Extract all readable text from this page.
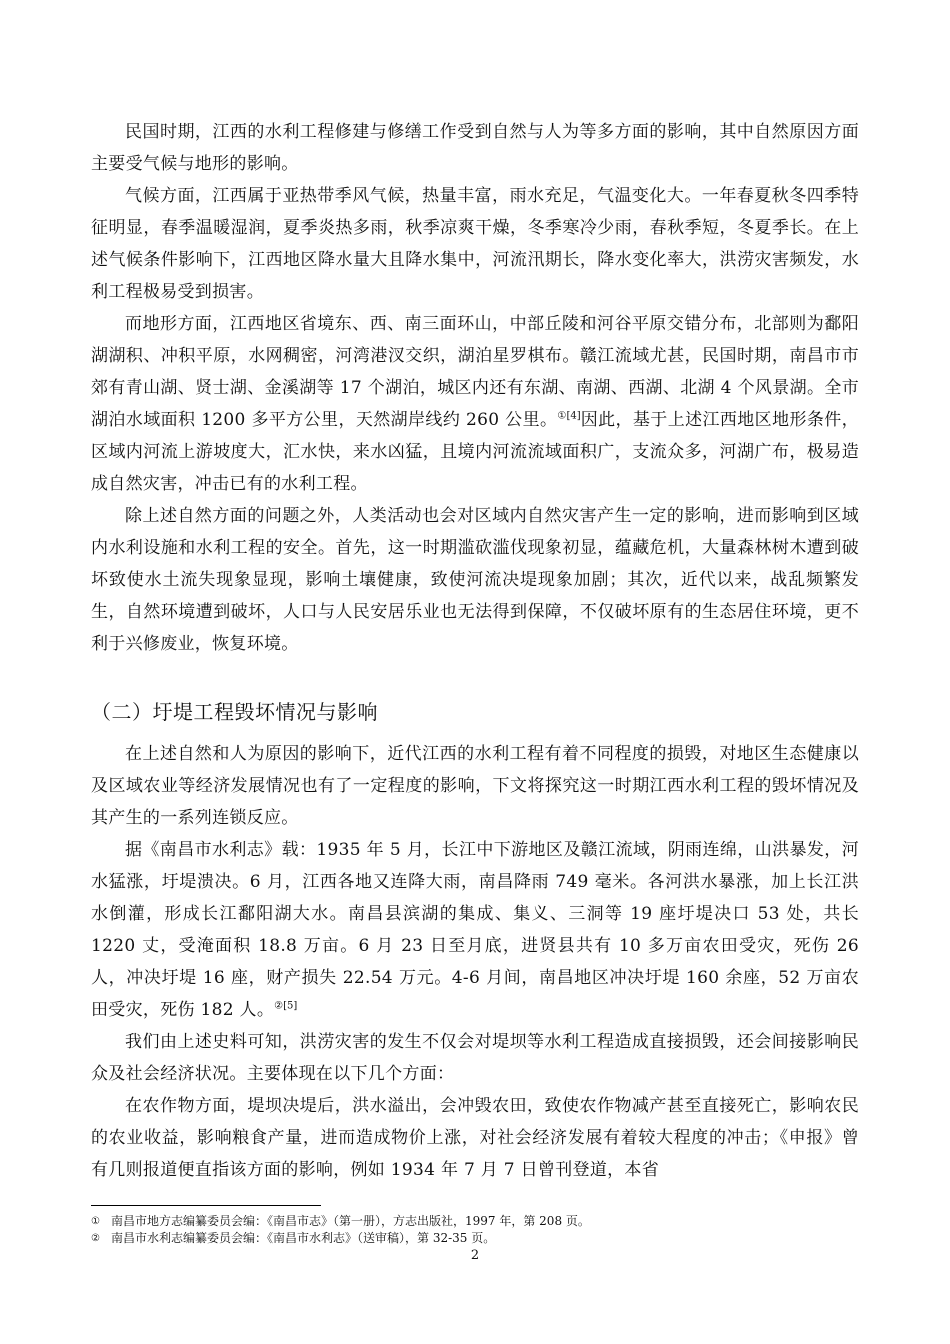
民国时期，江西的水利工程修建与修缮工作受到自然与人为等多方面的影响，其中自然原因方面主要受气候与地形的影响。

气候方面，江西属于亚热带季风气候，热量丰富，雨水充足，气温变化大。一年春夏秋冬四季特征明显，春季温暖湿润，夏季炎热多雨，秋季凉爽干燥，冬季寒冷少雨，春秋季短，冬夏季长。在上述气候条件影响下，江西地区降水量大且降水集中，河流汛期长，降水变化率大，洪涝灾害频发，水利工程极易受到损害。

而地形方面，江西地区省境东、西、南三面环山，中部丘陵和河谷平原交错分布，北部则为鄱阳湖湖积、冲积平原，水网稠密，河湾港汊交织，湖泊星罗棋布。赣江流域尤甚，民国时期，南昌市市郊有青山湖、贤士湖、金溪湖等 17 个湖泊，城区内还有东湖、南湖、西湖、北湖 4 个风景湖。全市湖泊水域面积 1200 多平方公里，天然湖岸线约 260 公里。$^{①[4]}$因此，基于上述江西地区地形条件，区域内河流上游坡度大，汇水快，来水凶猛，且境内河流流域面积广，支流众多，河湖广布，极易造成自然灾害，冲击已有的水利工程。

除上述自然方面的问题之外，人类活动也会对区域内自然灾害产生一定的影响，进而影响到区域内水利设施和水利工程的安全。首先，这一时期滥砍滥伐现象初显，蕴藏危机，大量森林树木遭到破坏致使水土流失现象显现，影响土壤健康，致使河流决堤现象加剧；其次，近代以来，战乱频繁发生，自然环境遭到破坏，人口与人民安居乐业也无法得到保障，不仅破坏原有的生态居住环境，更不利于兴修废业，恢复环境。

（二）圩堤工程毁坏情况与影响

在上述自然和人为原因的影响下，近代江西的水利工程有着不同程度的损毁，对地区生态健康以及区域农业等经济发展情况也有了一定程度的影响，下文将探究这一时期江西水利工程的毁坏情况及其产生的一系列连锁反应。

据《南昌市水利志》载：1935 年 5 月，长江中下游地区及赣江流域，阴雨连绵，山洪暴发，河水猛涨，圩堤溃决。6 月，江西各地又连降大雨，南昌降雨 749 毫米。各河洪水暴涨，加上长江洪水倒灌，形成长江鄱阳湖大水。南昌县滨湖的集成、集义、三洞等 19 座圩堤决口 53 处，共长 1220 丈，受淹面积 18.8 万亩。6 月 23 日至月底，进贤县共有 10 多万亩农田受灾，死伤 26 人，冲决圩堤 16 座，财产损失 22.54 万元。4-6 月间，南昌地区冲决圩堤 160 余座，52 万亩农田受灾，死伤 182 人。$^{②[5]}$

我们由上述史料可知，洪涝灾害的发生不仅会对堤坝等水利工程造成直接损毁，还会间接影响民众及社会经济状况。主要体现在以下几个方面：

在农作物方面，堤坝决堤后，洪水溢出，会冲毁农田，致使农作物减产甚至直接死亡，影响农民的农业收益，影响粮食产量，进而造成物价上涨，对社会经济发展有着较大程度的冲击；《申报》曾有几则报道便直指该方面的影响，例如 1934 年 7 月 7 日曾刊登道，本省

① 南昌市地方志编纂委员会编：《南昌市志》（第一册），方志出版社，1997 年，第 208 页。
② 南昌市水利志编纂委员会编：《南昌市水利志》（送审稿），第 32-35 页。
2
